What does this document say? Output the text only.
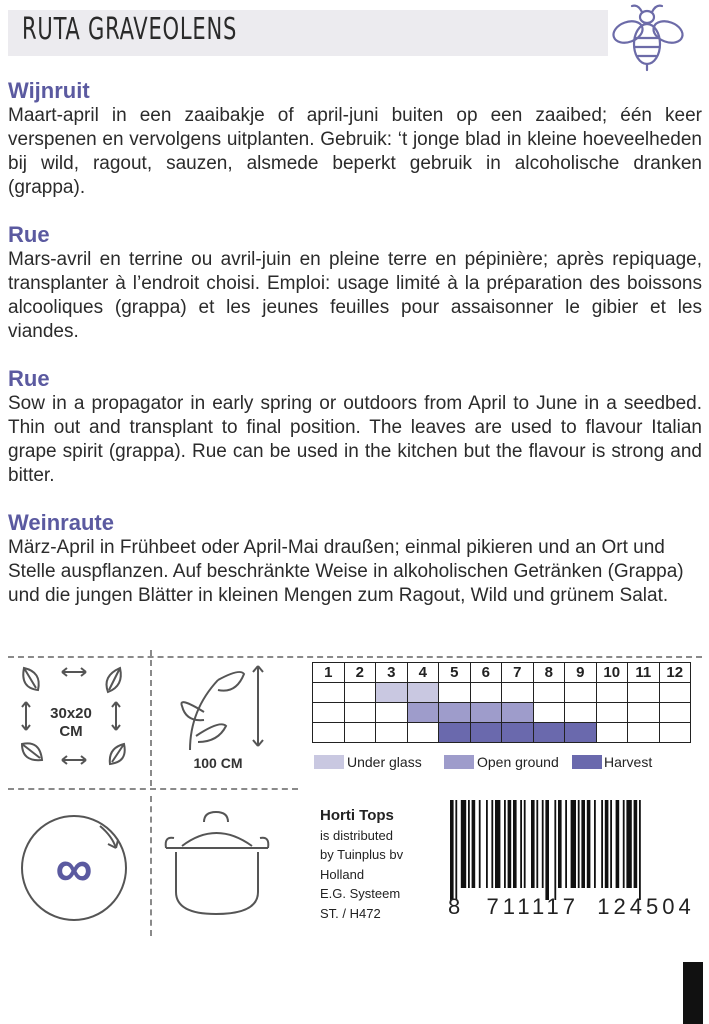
RUTA GRAVEOLENS
Wijnruit
Maart-april in een zaaibakje of april-juni buiten op een zaaibed; één keer verspenen en vervolgens uitplanten. Gebruik: ‘t jonge blad in kleine hoeveelheden bij wild, ragout, sauzen, alsmede beperkt gebruik in alcoholische dranken (grappa).
Rue
Mars-avril en terrine ou avril-juin en pleine terre en pépinière; après repiquage, transplanter à l’endroit choisi. Emploi: usage limité à la préparation des boissons alcooliques (grappa) et les jeunes feuilles pour assaisonner le gibier et les viandes.
Rue
Sow in a propagator in early spring or outdoors from April to June in a seedbed. Thin out and transplant to final position. The leaves are used to flavour Italian grape spirit (grappa). Rue can be used in the kitchen but the flavour is strong and bitter.
Weinraute
März-April in Frühbeet oder April-Mai draußen; einmal pikieren und an Ort und Stelle auspflanzen. Auf beschränkte Weise in alkoholischen Getränken (Grappa) und die jungen Blätter in kleinen Mengen zum Ragout, Wild und grünem Salat.
30x20
CM
100 CM
1	2	3	4	5	6	7	8	9	10	11	12

Under glass	Open ground	Harvest
∞
Horti Tops
is distributed
by Tuinplus bv
Holland
E.G. Systeem
ST. / H472	8 711117 124504
